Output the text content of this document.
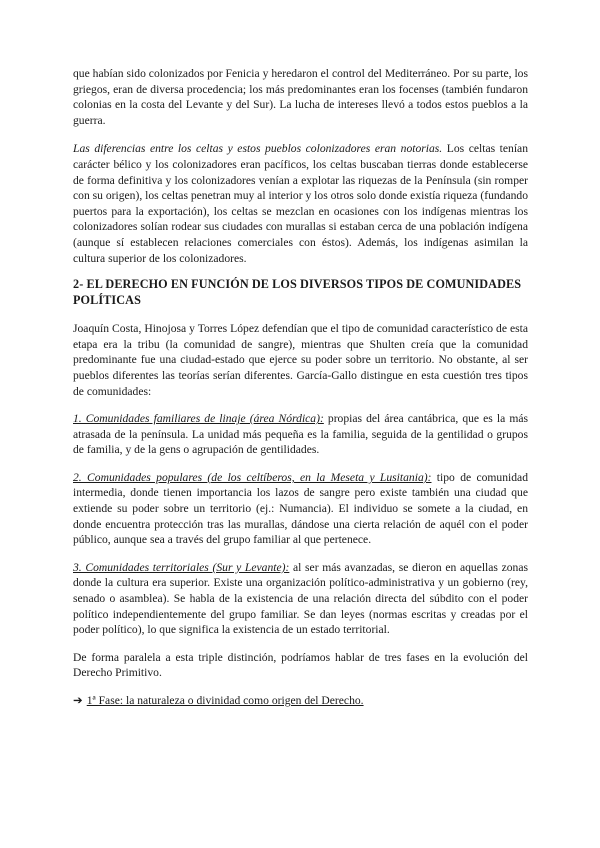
que habían sido colonizados por Fenicia y heredaron el control del Mediterráneo. Por su parte, los griegos, eran de diversa procedencia; los más predominantes eran los focenses (también fundaron colonias en la costa del Levante y del Sur). La lucha de intereses llevó a todos estos pueblos a la guerra.

Las diferencias entre los celtas y estos pueblos colonizadores eran notorias. Los celtas tenían carácter bélico y los colonizadores eran pacíficos, los celtas buscaban tierras donde establecerse de forma definitiva y los colonizadores venían a explotar las riquezas de la Península (sin romper con su origen), los celtas penetran muy al interior y los otros solo donde existía riqueza (fundando puertos para la exportación), los celtas se mezclan en ocasiones con los indígenas mientras los colonizadores solían rodear sus ciudades con murallas si estaban cerca de una población indígena (aunque sí establecen relaciones comerciales con éstos). Además, los indígenas asimilan la cultura superior de los colonizadores.

2- EL DERECHO EN FUNCIÓN DE LOS DIVERSOS TIPOS DE COMUNIDADES POLÍTICAS

Joaquín Costa, Hinojosa y Torres López defendían que el tipo de comunidad característico de esta etapa era la tribu (la comunidad de sangre), mientras que Shulten creía que la comunidad predominante fue una ciudad-estado que ejerce su poder sobre un territorio. No obstante, al ser pueblos diferentes las teorías serían diferentes. García-Gallo distingue en esta cuestión tres tipos de comunidades:

1. Comunidades familiares de linaje (área Nórdica): propias del área cantábrica, que es la más atrasada de la península. La unidad más pequeña es la familia, seguida de la gentilidad o grupos de familia, y de la gens o agrupación de gentilidades.

2. Comunidades populares (de los celtíberos, en la Meseta y Lusitania): tipo de comunidad intermedia, donde tienen importancia los lazos de sangre pero existe también una ciudad que extiende su poder sobre un territorio (ej.: Numancia). El individuo se somete a la ciudad, en donde encuentra protección tras las murallas, dándose una cierta relación de aquél con el poder público, aunque sea a través del grupo familiar al que pertenece.

3. Comunidades territoriales (Sur y Levante): al ser más avanzadas, se dieron en aquellas zonas donde la cultura era superior. Existe una organización político-administrativa y un gobierno (rey, senado o asamblea). Se habla de la existencia de una relación directa del súbdito con el poder político independientemente del grupo familiar. Se dan leyes (normas escritas y creadas por el poder político), lo que significa la existencia de un estado territorial.

De forma paralela a esta triple distinción, podríamos hablar de tres fases en la evolución del Derecho Primitivo.

➔ 1ª Fase: la naturaleza o divinidad como origen del Derecho.
